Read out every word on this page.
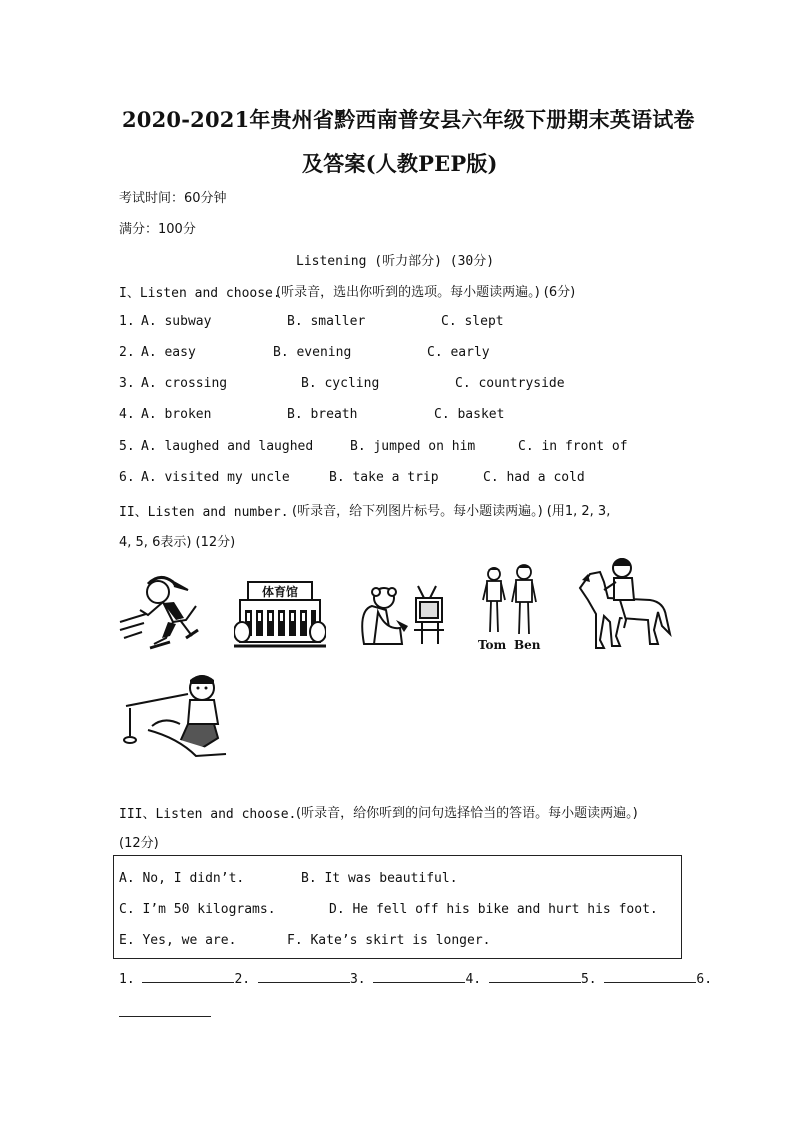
2020-2021年贵州省黔西南普安县六年级下册期末英语试卷
及答案(人教PEP版)
考试时间：60分钟
满分：100分
Listening (听力部分) (30分)
I、Listen and choose.
(听录音，选出你听到的选项。每小题读两遍。) (6分)
1. A. subway	B. smaller	C. slept
2. A. easy	B. evening	C. early
3. A. crossing	B. cycling	C. countryside
4. A. broken	B. breath	C. basket
5. A. laughed and laughed	B. jumped on him	C. in front of
6. A. visited my uncle	B. take a trip	C. had a cold
II、Listen and number. (听录音，给下列图片标号。每小题读两遍。) (用1, 2, 3,
4, 5, 6表示) (12分)
体育馆
Tom Ben
III、Listen and choose. (听录音，给你听到的问句选择恰当的答语。每小题读两遍。)
(12分)
A. No, I didn’t.	B. It was beautiful.
C. I’m 50 kilograms.	D. He fell off his bike and hurt his foot.
E. Yes, we are.	F. Kate’s skirt is longer.
1.	2.	3.	4.	5.	6.
